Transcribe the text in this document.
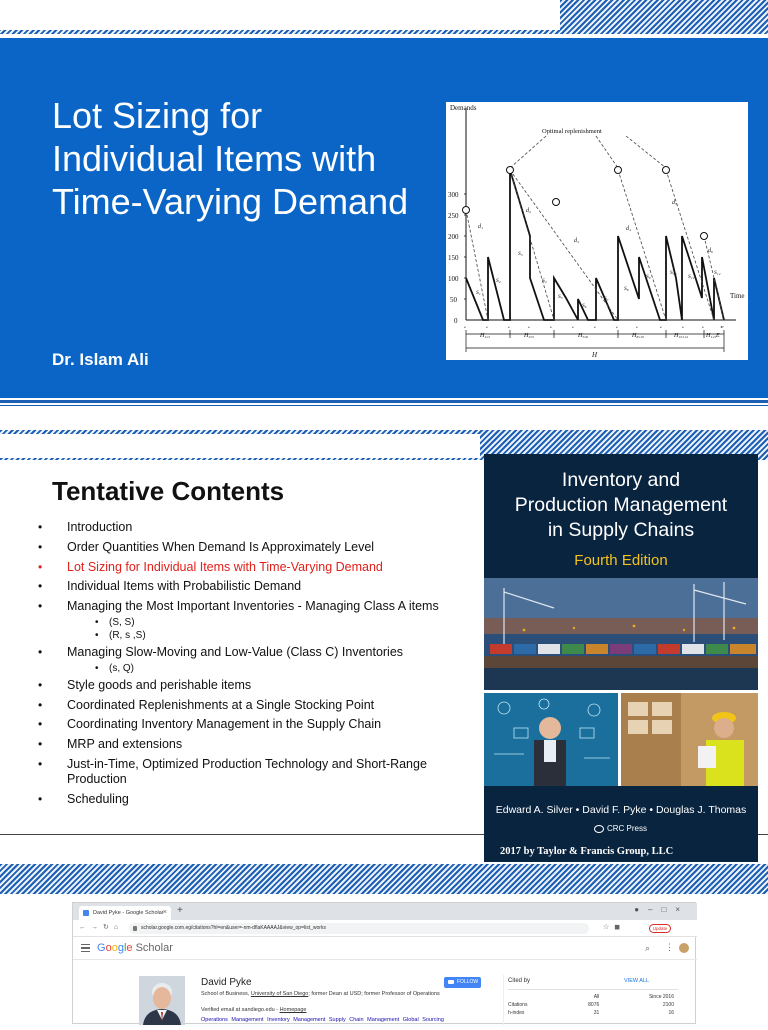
Lot Sizing for Individual Items with Time-Varying Demand
Dr. Islam Ali
Demands
Time
Optimal replenishment
300
250
200
150
100
50
0
d₁
d₂
d₃
d₄
d₅
d₆
S₁
S₂
S₃
S₄
S₅
S₆
S₇
S₈
S₉
S₁₀
S₁₁
S₁₂
H₁,₃	H₃,₅	H₅,₈	H₈,₁₀	H₁₀,₁₂	H₁₂,E
H
Tentative Contents
• Introduction
• Order Quantities When Demand Is Approximately Level
• Lot Sizing for Individual Items with Time-Varying Demand
• Individual Items with Probabilistic Demand
• Managing the Most Important Inventories - Managing Class A items
• (S, S)
• (R, s ,S)
• Managing Slow-Moving and Low-Value (Class C) Inventories
• (s, Q)
• Style goods and perishable items
• Coordinated Replenishments at a Single Stocking Point
• Coordinating Inventory Management in the Supply Chain
• MRP and extensions
• Just-in-Time, Optimized Production Technology and Short-Range Production
• Scheduling
Inventory and
Production Management
in Supply Chains
Fourth Edition
Edward A. Silver • David F. Pyke • Douglas J. Thomas
CRC Press
2017 by Taylor & Francis Group, LLC
David Pyke - Google Scholar × +	●–□×
←→↻⌂	scholar.google.com.eg/citations?hl=en&user=-nm-dflaKAAAAJ&view_op=list_works	☆◼	Update
Google Scholar	⌕ ⋮
David Pyke
School of Business, University of San Diego; former Dean at USD; former Professor of Operations
Verified email at sandiego.edu - Homepage
Operations Management Inventory Management Supply Chain Management Global Sourcing
FOLLOW	Cited by	VIEW ALL
	All	Since 2016
Citations	8076	2100
h-index	31	16
